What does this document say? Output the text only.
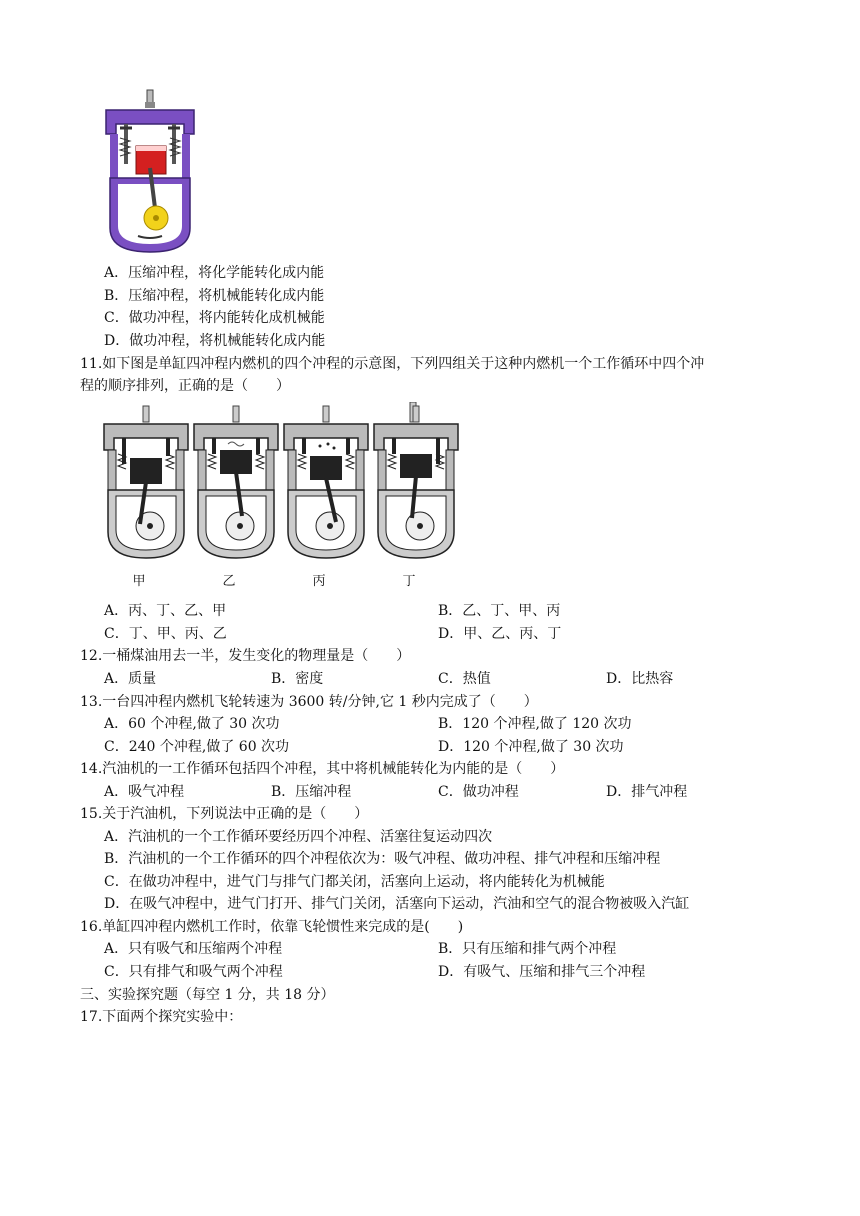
A．压缩冲程，将化学能转化成内能
B．压缩冲程，将机械能转化成内能
C．做功冲程，将内能转化成机械能
D．做功冲程，将机械能转化成内能
11.如下图是单缸四冲程内燃机的四个冲程的示意图，下列四组关于这种内燃机一个工作循环中四个冲
程的顺序排列，正确的是（　　）
甲	乙	丙	丁
A．丙、丁、乙、甲	B．乙、丁、甲、丙
C．丁、甲、丙、乙	D．甲、乙、丙、丁
12.一桶煤油用去一半，发生变化的物理量是（　　）
A．质量	B．密度	C．热值	D．比热容
13.一台四冲程内燃机飞轮转速为 3600 转/分钟,它 1 秒内完成了（　　）
A．60 个冲程,做了 30 次功	B．120 个冲程,做了 120 次功
C．240 个冲程,做了 60 次功	D．120 个冲程,做了 30 次功
14.汽油机的一工作循环包括四个冲程，其中将机械能转化为内能的是（　　）
A．吸气冲程	B．压缩冲程	C．做功冲程	D．排气冲程
15.关于汽油机，下列说法中正确的是（　　）
A．汽油机的一个工作循环要经历四个冲程、活塞往复运动四次
B．汽油机的一个工作循环的四个冲程依次为：吸气冲程、做功冲程、排气冲程和压缩冲程
C．在做功冲程中，进气门与排气门都关闭，活塞向上运动，将内能转化为机械能
D．在吸气冲程中，进气门打开、排气门关闭，活塞向下运动，汽油和空气的混合物被吸入汽缸
16.单缸四冲程内燃机工作时，依靠飞轮惯性来完成的是(　　)
A．只有吸气和压缩两个冲程	B．只有压缩和排气两个冲程
C．只有排气和吸气两个冲程	D．有吸气、压缩和排气三个冲程
三、实验探究题（每空 1 分，共 18 分）
17.下面两个探究实验中：
